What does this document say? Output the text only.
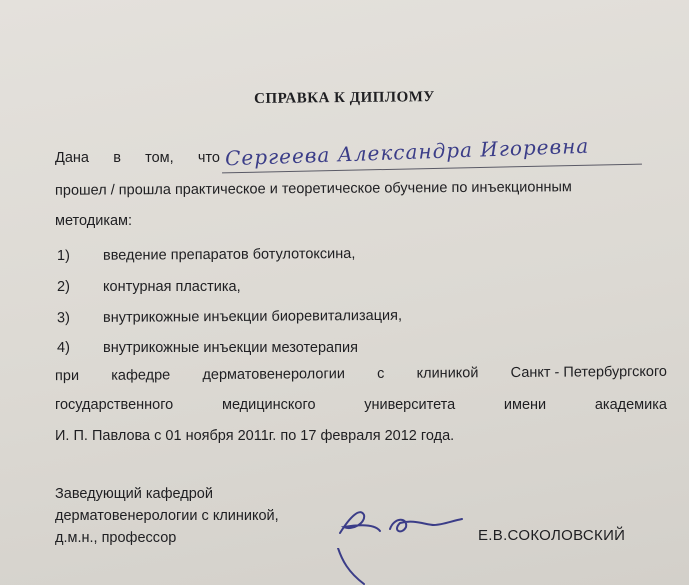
СПРАВКА К ДИПЛОМУ
Дана в том, что Сергеева Александра Игоревна
прошел / прошла практическое и теоретическое обучение по инъекционным
методикам:
1) введение препаратов ботулотоксина,
2) контурная пластика,
3) внутрикожные инъекции биоревитализация,
4) внутрикожные инъекции мезотерапия
при кафедре дерматовенерологии с клиникой Санкт - Петербургского
государственного	медицинского	университета	имени	академика
И. П. Павлова с 01 ноября 2011г. по 17 февраля 2012 года.
Заведующий кафедрой
дерматовенерологии с клиникой,
д.м.н., профессор	Е.В.СОКОЛОВСКИЙ
